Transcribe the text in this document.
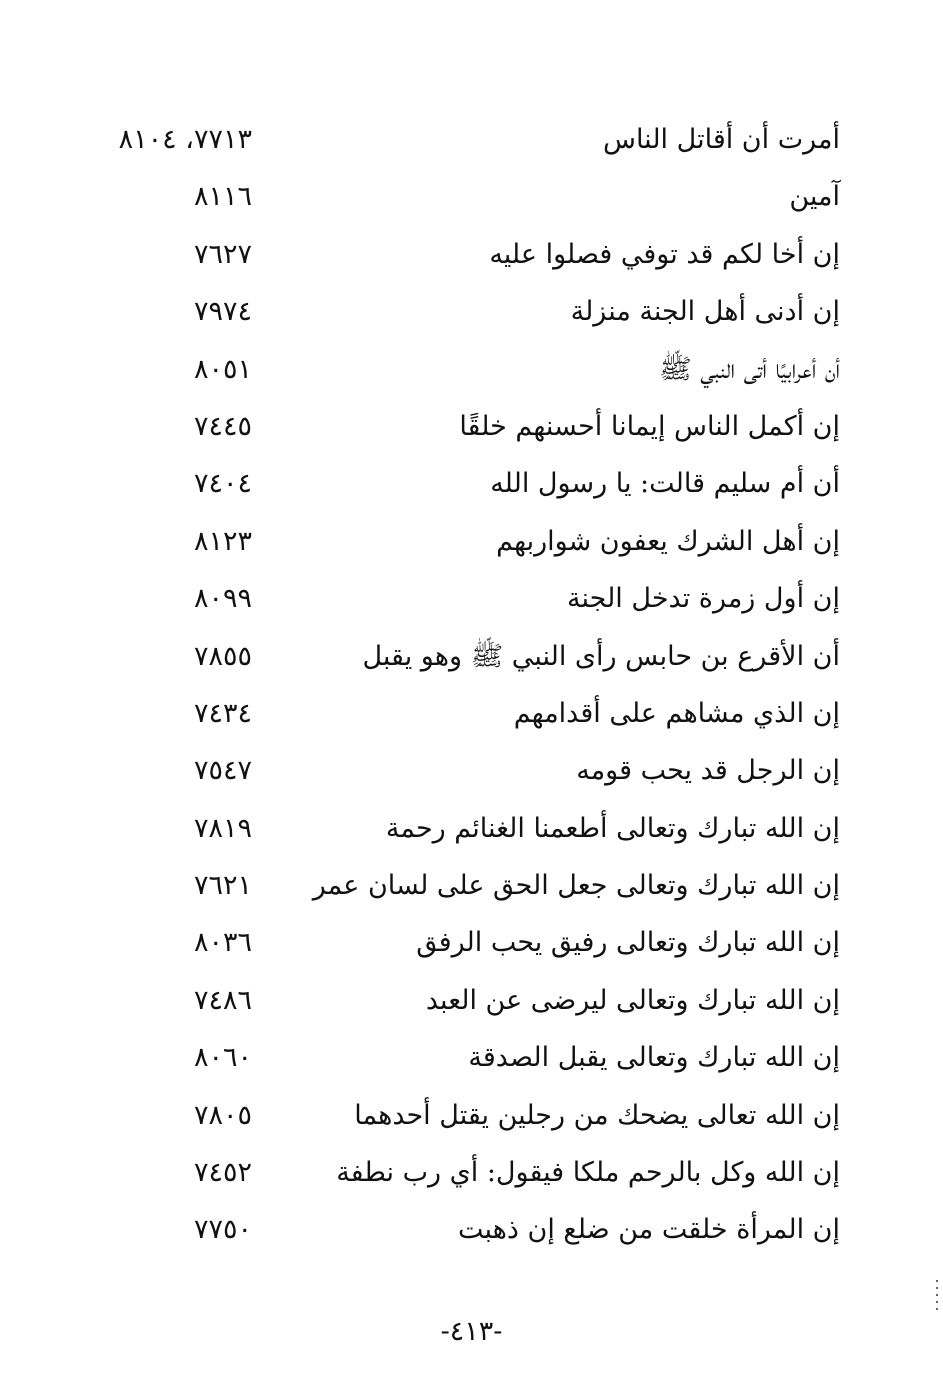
أمرت أن أقاتل الناس
٧٧١٣، ٨١٠٤
آمين
٨١١٦
إن أخا لكم قد توفي فصلوا عليه
٧٦٢٧
إن أدنى أهل الجنة منزلة
٧٩٧٤
أن أعرابيًا أتى النبي ﷺ
٨٠٥١
إن أكمل الناس إيمانا أحسنهم خلقًا
٧٤٤٥
أن أم سليم قالت: يا رسول الله
٧٤٠٤
إن أهل الشرك يعفون شواربهم
٨١٢٣
إن أول زمرة تدخل الجنة
٨٠٩٩
أن الأقرع بن حابس رأى النبي ﷺ وهو يقبل
٧٨٥٥
إن الذي مشاهم على أقدامهم
٧٤٣٤
إن الرجل قد يحب قومه
٧٥٤٧
إن الله تبارك وتعالى أطعمنا الغنائم رحمة
٧٨١٩
إن الله تبارك وتعالى جعل الحق على لسان عمر
٧٦٢١
إن الله تبارك وتعالى رفيق يحب الرفق
٨٠٣٦
إن الله تبارك وتعالى ليرضى عن العبد
٧٤٨٦
إن الله تبارك وتعالى يقبل الصدقة
٨٠٦٠
إن الله تعالى يضحك من رجلين يقتل أحدهما
٧٨٠٥
إن الله وكل بالرحم ملكا فيقول: أي رب نطفة
٧٤٥٢
إن المرأة خلقت من ضلع إن ذهبت
٧٧٥٠
-٤١٣-
